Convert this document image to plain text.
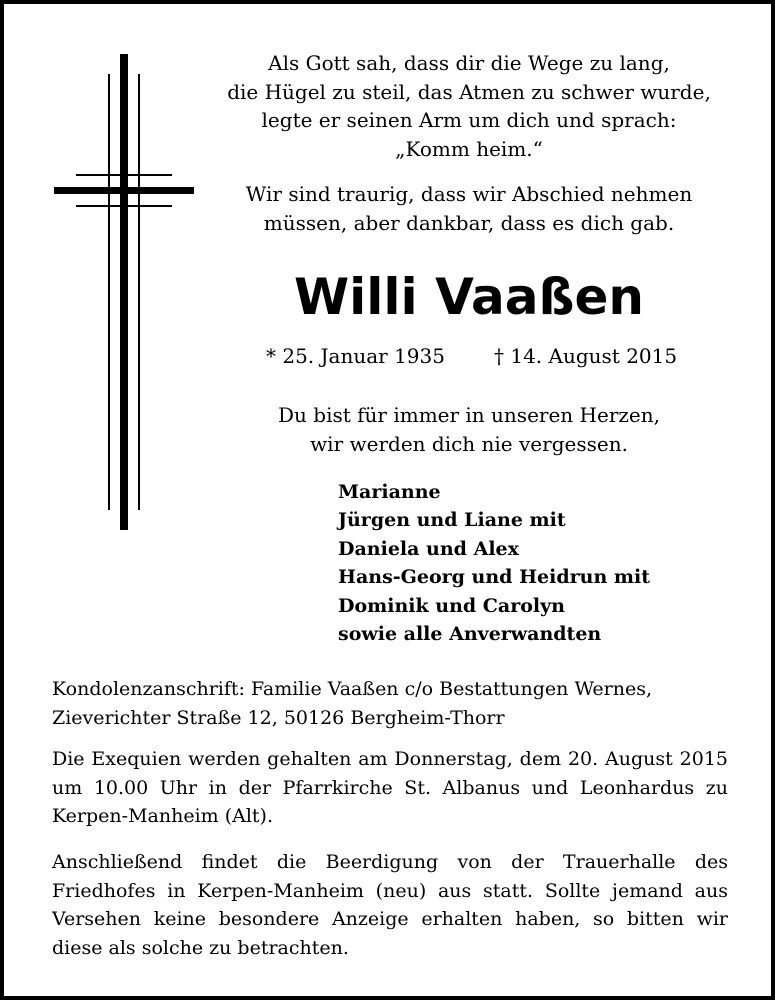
Als Gott sah, dass dir die Wege zu lang,

die Hügel zu steil, das Atmen zu schwer wurde,

legte er seinen Arm um dich und sprach:

„Komm heim.“

Wir sind traurig, dass wir Abschied nehmen

müssen, aber dankbar, dass es dich gab.

Willi Vaaßen
* 25. Januar 1935 † 14. August 2015
Du bist für immer in unseren Herzen,
wir werden dich nie vergessen.
Marianne
Jürgen und Liane mit
Daniela und Alex
Hans-Georg und Heidrun mit
Dominik und Carolyn
sowie alle Anverwandten

Kondolenzanschrift: Familie Vaaßen c/o Bestattungen Wernes,

Zieverichter Straße 12, 50126 Bergheim-Thorr

Die Exequien werden gehalten am Donnerstag, dem 20. August 2015 um 10.00 Uhr in der Pfarrkirche St. Albanus und Leonhardus zu Kerpen-Manheim (Alt).

Anschließend findet die Beerdigung von der Trauerhalle des Friedhofes in Kerpen-Manheim (neu) aus statt. Sollte jemand aus Versehen keine besondere Anzeige erhalten haben, so bitten wir diese als solche zu betrachten.
